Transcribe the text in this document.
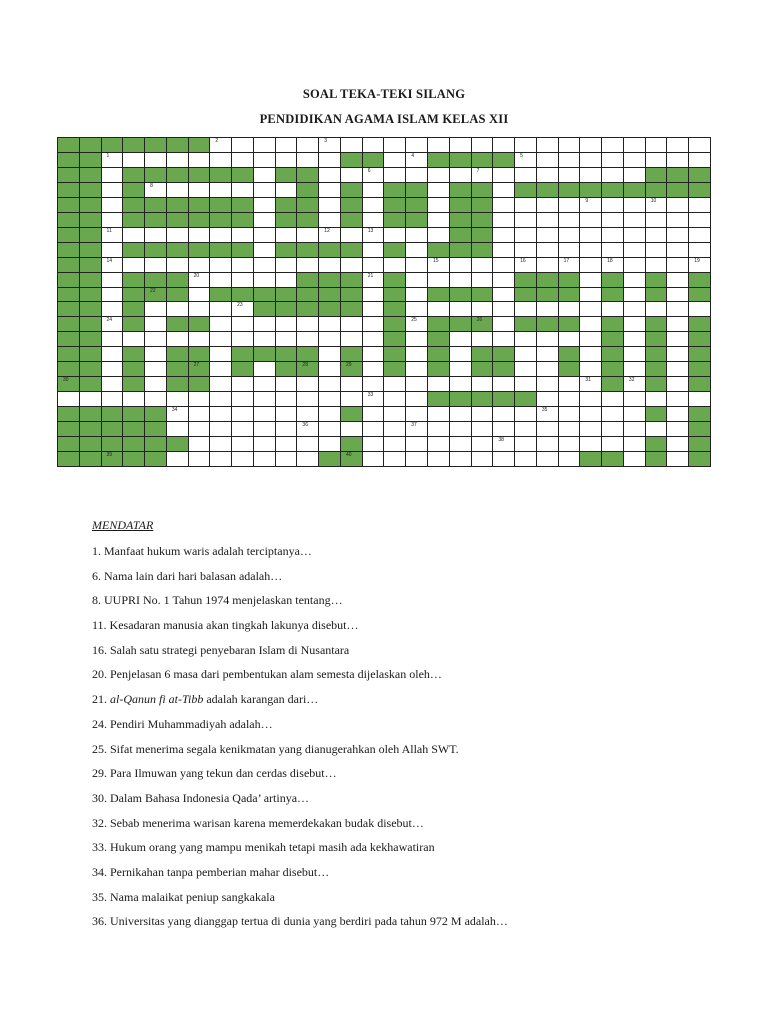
SOAL TEKA-TEKI SILANG
PENDIDIKAN AGAMA ISLAM KELAS XII
2	3
1	4	5
6	7
8
9	10
11	12	13
14	15	16	17	18	19
20	21
22
23
24	25	26
27	28	29
30	31	32
33
34	35
36	37
38
39	40
MENDATAR
1. Manfaat hukum waris adalah terciptanya…
6. Nama lain dari hari balasan adalah…
8. UUPRI No. 1 Tahun 1974 menjelaskan tentang…
11. Kesadaran manusia akan tingkah lakunya disebut…
16. Salah satu strategi penyebaran Islam di Nusantara
20. Penjelasan 6 masa dari pembentukan alam semesta dijelaskan oleh…
21. al-Qanun fi at-Tibb adalah karangan dari…
24. Pendiri Muhammadiyah adalah…
25. Sifat menerima segala kenikmatan yang dianugerahkan oleh Allah SWT.
29. Para Ilmuwan yang tekun dan cerdas disebut…
30. Dalam Bahasa Indonesia Qada’ artinya…
32. Sebab menerima warisan karena memerdekakan budak disebut…
33. Hukum orang yang mampu menikah tetapi masih ada kekhawatiran
34. Pernikahan tanpa pemberian mahar disebut…
35. Nama malaikat peniup sangkakala
36. Universitas yang dianggap tertua di dunia yang berdiri pada tahun 972 M adalah…
